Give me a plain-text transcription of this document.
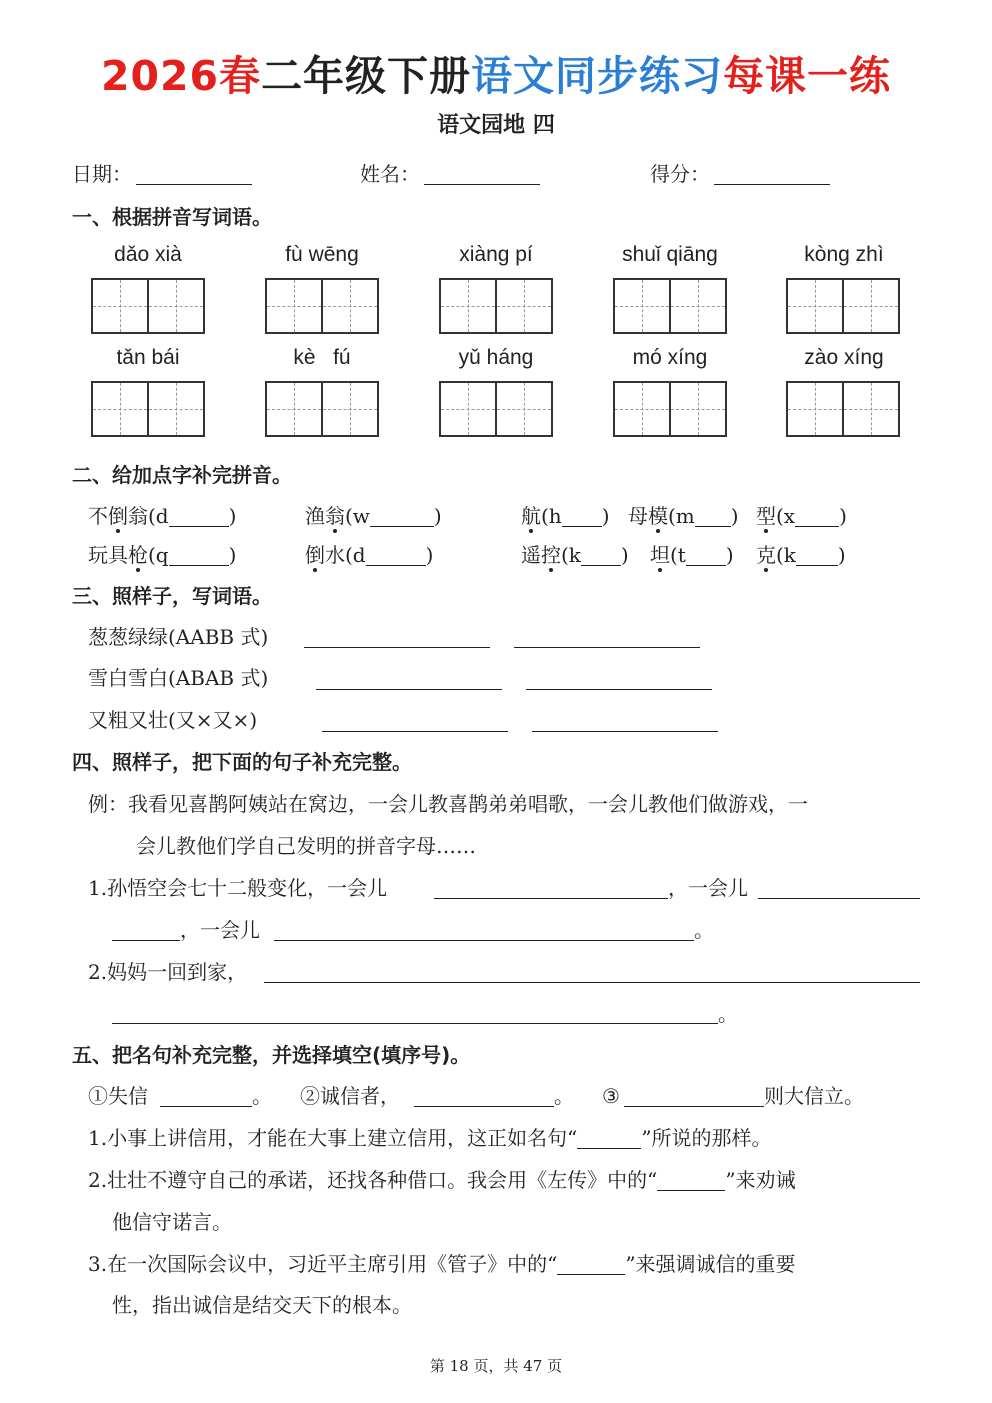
2026春二年级下册语文同步练习每课一练
语文园地 四
日期：	姓名：	得分：
一、根据拼音写词语。
dǎo xià	fù wēng	xiàng pí	shuǐ qiāng	kòng zhì
tǎn bái	kè   fú	yǔ háng	mó xíng	zào xíng
二、给加点字补完拼音。
不倒翁(d	)	渔翁(w	)	航(h ) 母模(m ) 型(x )
玩具枪(q	)	倒水(d	)	遥控(k ) 坦(t ) 克(k )
三、照样子，写词语。
葱葱绿绿(AABB 式)
雪白雪白(ABAB 式)
又粗又壮(又×又×)
四、照样子，把下面的句子补充完整。
例：我看见喜鹊阿姨站在窝边，一会儿教喜鹊弟弟唱歌，一会儿教他们做游戏，一
会儿教他们学自己发明的拼音字母……
1.孙悟空会七十二般变化，一会儿	，一会儿
，一会儿	。
2.妈妈一回到家，
。
五、把名句补充完整，并选择填空(填序号)。
①失信	。 ②诚信者，	。 ③	则大信立。
1.小事上讲信用，才能在大事上建立信用，这正如名句“	”所说的那样。
2.壮壮不遵守自己的承诺，还找各种借口。我会用《左传》中的“	”来劝诫
他信守诺言。
3.在一次国际会议中，习近平主席引用《管子》中的“	”来强调诚信的重要
性，指出诚信是结交天下的根本。
第 18 页，共 47 页
